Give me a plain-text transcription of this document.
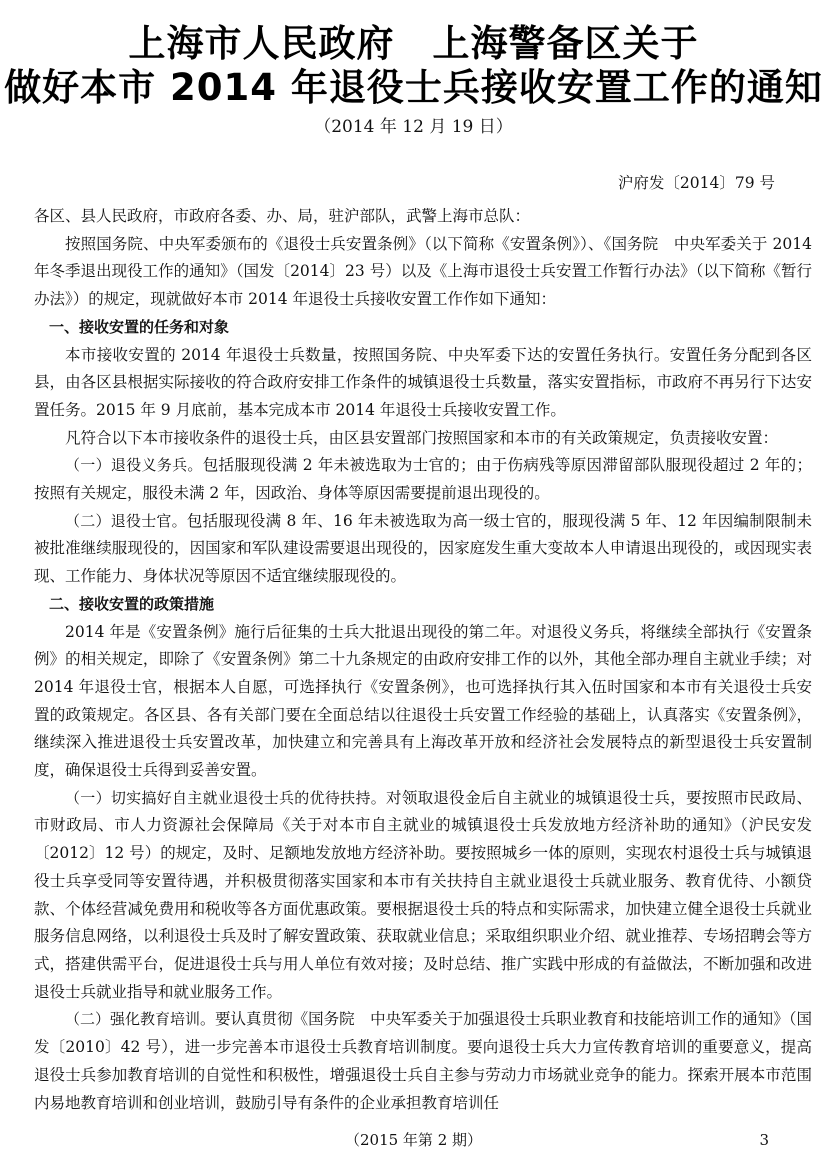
上海市人民政府　上海警备区关于
做好本市 2014 年退役士兵接收安置工作的通知
（2014 年 12 月 19 日）
沪府发〔2014〕79 号

各区、县人民政府，市政府各委、办、局，驻沪部队，武警上海市总队：

按照国务院、中央军委颁布的《退役士兵安置条例》（以下简称《安置条例》）、《国务院　中央军委关于 2014 年冬季退出现役工作的通知》（国发〔2014〕23 号）以及《上海市退役士兵安置工作暂行办法》（以下简称《暂行办法》）的规定，现就做好本市 2014 年退役士兵接收安置工作作如下通知：

一、接收安置的任务和对象

本市接收安置的 2014 年退役士兵数量，按照国务院、中央军委下达的安置任务执行。安置任务分配到各区县，由各区县根据实际接收的符合政府安排工作条件的城镇退役士兵数量，落实安置指标，市政府不再另行下达安置任务。2015 年 9 月底前，基本完成本市 2014 年退役士兵接收安置工作。

凡符合以下本市接收条件的退役士兵，由区县安置部门按照国家和本市的有关政策规定，负责接收安置：

（一）退役义务兵。包括服现役满 2 年未被选取为士官的；由于伤病残等原因滞留部队服现役超过 2 年的；按照有关规定，服役未满 2 年，因政治、身体等原因需要提前退出现役的。

（二）退役士官。包括服现役满 8 年、16 年未被选取为高一级士官的，服现役满 5 年、12 年因编制限制未被批准继续服现役的，因国家和军队建设需要退出现役的，因家庭发生重大变故本人申请退出现役的，或因现实表现、工作能力、身体状况等原因不适宜继续服现役的。

二、接收安置的政策措施

2014 年是《安置条例》施行后征集的士兵大批退出现役的第二年。对退役义务兵，将继续全部执行《安置条例》的相关规定，即除了《安置条例》第二十九条规定的由政府安排工作的以外，其他全部办理自主就业手续；对 2014 年退役士官，根据本人自愿，可选择执行《安置条例》，也可选择执行其入伍时国家和本市有关退役士兵安置的政策规定。各区县、各有关部门要在全面总结以往退役士兵安置工作经验的基础上，认真落实《安置条例》，继续深入推进退役士兵安置改革，加快建立和完善具有上海改革开放和经济社会发展特点的新型退役士兵安置制度，确保退役士兵得到妥善安置。

（一）切实搞好自主就业退役士兵的优待扶持。对领取退役金后自主就业的城镇退役士兵，要按照市民政局、市财政局、市人力资源社会保障局《关于对本市自主就业的城镇退役士兵发放地方经济补助的通知》（沪民安发〔2012〕12 号）的规定，及时、足额地发放地方经济补助。要按照城乡一体的原则，实现农村退役士兵与城镇退役士兵享受同等安置待遇，并积极贯彻落实国家和本市有关扶持自主就业退役士兵就业服务、教育优待、小额贷款、个体经营减免费用和税收等各方面优惠政策。要根据退役士兵的特点和实际需求，加快建立健全退役士兵就业服务信息网络，以利退役士兵及时了解安置政策、获取就业信息；采取组织职业介绍、就业推荐、专场招聘会等方式，搭建供需平台，促进退役士兵与用人单位有效对接；及时总结、推广实践中形成的有益做法，不断加强和改进退役士兵就业指导和就业服务工作。

（二）强化教育培训。要认真贯彻《国务院　中央军委关于加强退役士兵职业教育和技能培训工作的通知》（国发〔2010〕42 号），进一步完善本市退役士兵教育培训制度。要向退役士兵大力宣传教育培训的重要意义，提高退役士兵参加教育培训的自觉性和积极性，增强退役士兵自主参与劳动力市场就业竞争的能力。探索开展本市范围内易地教育培训和创业培训，鼓励引导有条件的企业承担教育培训任

（2015 年第 2 期）	3
